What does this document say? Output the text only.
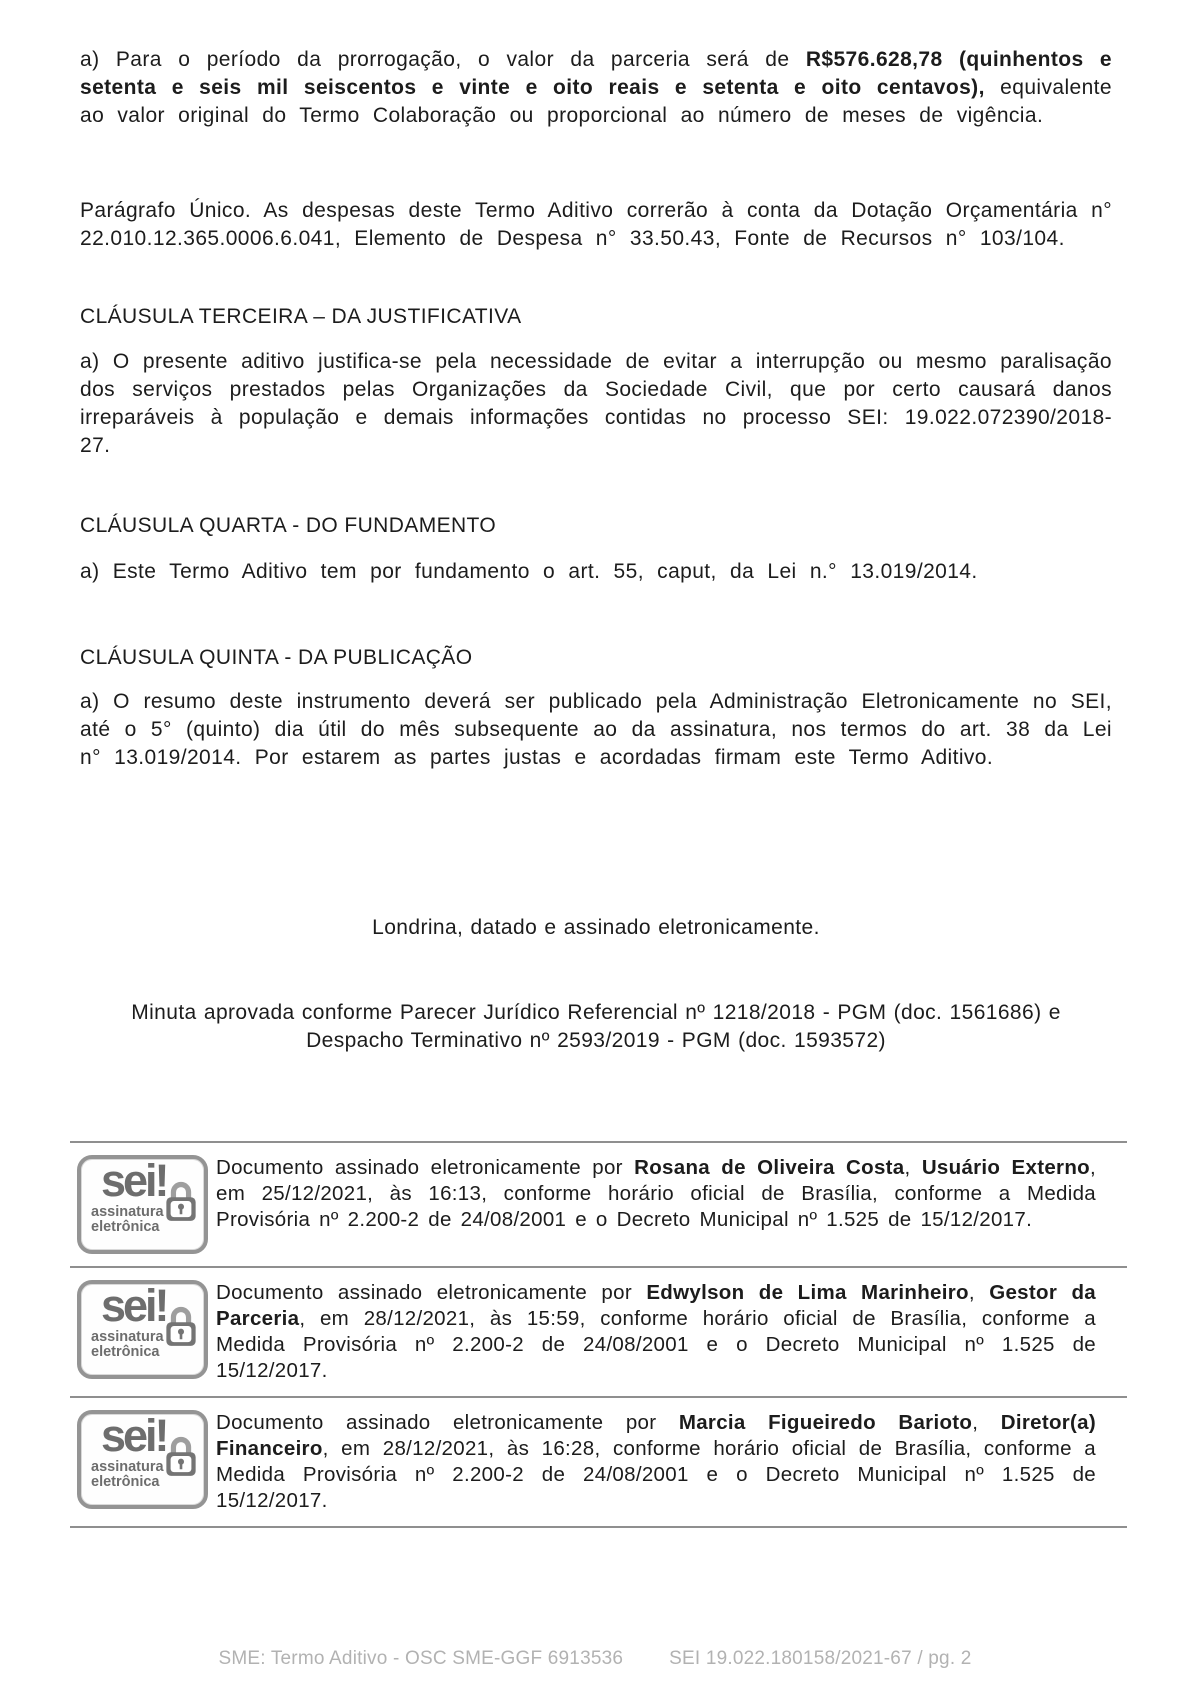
a) Para o período da prorrogação, o valor da parceria será de R$576.628,78 (quinhentos e setenta e seis mil seiscentos e vinte e oito reais e setenta e oito centavos), equivalente ao valor original do Termo Colaboração ou proporcional ao número de meses de vigência.

Parágrafo Único. As despesas deste Termo Aditivo correrão à conta da Dotação Orçamentária n° 22.010.12.365.0006.6.041, Elemento de Despesa n° 33.50.43, Fonte de Recursos n° 103/104.

CLÁUSULA TERCEIRA – DA JUSTIFICATIVA

a) O presente aditivo justifica-se pela necessidade de evitar a interrupção ou mesmo paralisação dos serviços prestados pelas Organizações da Sociedade Civil, que por certo causará danos irreparáveis à população e demais informações contidas no processo SEI: 19.022.072390/2018-27.

CLÁUSULA QUARTA - DO FUNDAMENTO

a) Este Termo Aditivo tem por fundamento o art. 55, caput, da Lei n.° 13.019/2014.

CLÁUSULA QUINTA - DA PUBLICAÇÃO

a) O resumo deste instrumento deverá ser publicado pela Administração Eletronicamente no SEI, até o 5° (quinto) dia útil do mês subsequente ao da assinatura, nos termos do art. 38 da Lei n° 13.019/2014. Por estarem as partes justas e acordadas firmam este Termo Aditivo.

Londrina, datado e assinado eletronicamente.

Minuta aprovada conforme Parecer Jurídico Referencial nº 1218/2018 - PGM (doc. 1561686) e Despacho Terminativo nº 2593/2019 - PGM (doc. 1593572)

sei!
assinatura
eletrônica

Documento assinado eletronicamente por Rosana de Oliveira Costa, Usuário Externo, em 25/12/2021, às 16:13, conforme horário oficial de Brasília, conforme a Medida Provisória nº 2.200-2 de 24/08/2001 e o Decreto Municipal nº 1.525 de 15/12/2017.

sei!
assinatura
eletrônica

Documento assinado eletronicamente por Edwylson de Lima Marinheiro, Gestor da Parceria, em 28/12/2021, às 15:59, conforme horário oficial de Brasília, conforme a Medida Provisória nº 2.200-2 de 24/08/2001 e o Decreto Municipal nº 1.525 de 15/12/2017.

sei!
assinatura
eletrônica

Documento assinado eletronicamente por Marcia Figueiredo Barioto, Diretor(a) Financeiro, em 28/12/2021, às 16:28, conforme horário oficial de Brasília, conforme a Medida Provisória nº 2.200-2 de 24/08/2001 e o Decreto Municipal nº 1.525 de 15/12/2017.

SME: Termo Aditivo - OSC SME-GGF 6913536 SEI 19.022.180158/2021-67 / pg. 2
